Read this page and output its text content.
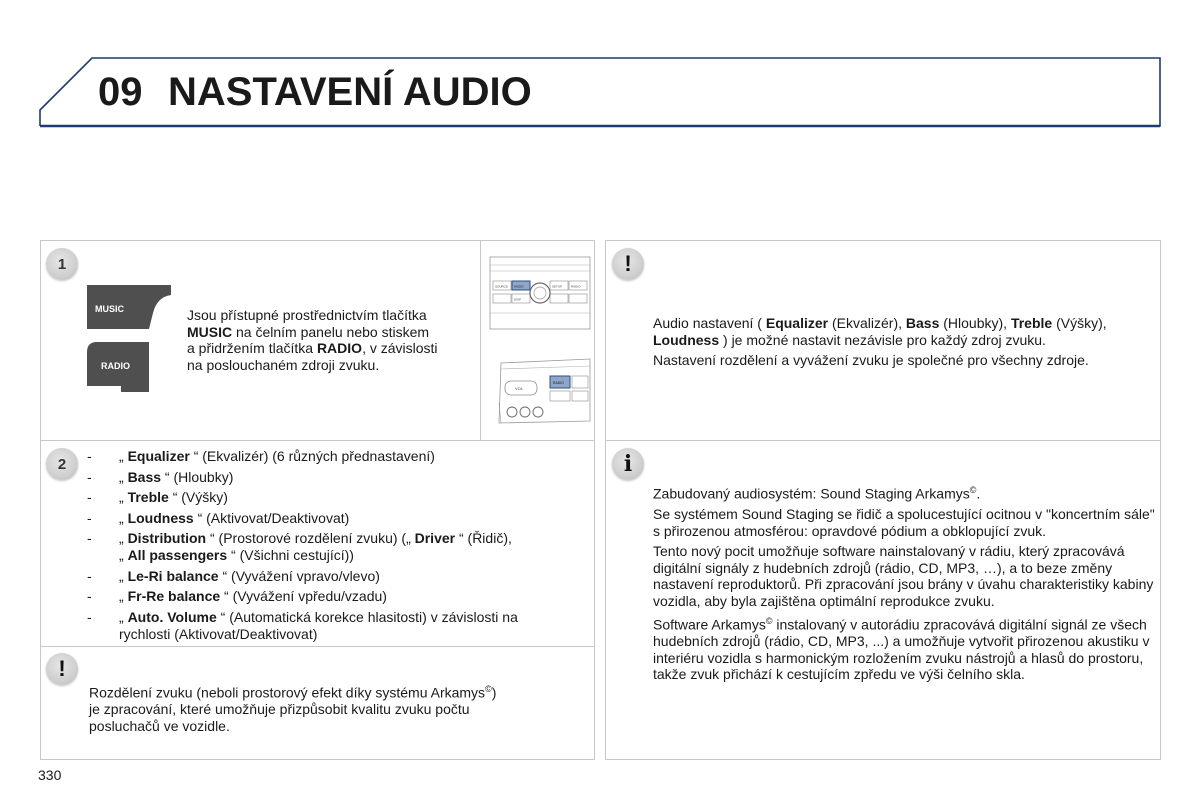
09 NASTAVENÍ AUDIO
1
MUSIC
RADIO
Jsou přístupné prostřednictvím tlačítka
MUSIC na čelním panelu nebo stiskem
a přidržením tlačítka RADIO, v závislosti
na poslouchaném zdroji zvuku.
SOURCE AUDIO	SETUP	RADIO
DISP
VOL
RADIO
2	- „ Equalizer “ (Ekvalizér) (6 různých přednastavení)
- „ Bass “ (Hloubky)
- „ Treble “ (Výšky)
- „ Loudness “ (Aktivovat/Deaktivovat)
- „ Distribution “ (Prostorové rozdělení zvuku) („ Driver “ (Řidič),
„ All passengers “ (Všichni cestující))
- „ Le-Ri balance “ (Vyvážení vpravo/vlevo)
- „ Fr-Re balance “ (Vyvážení vpředu/vzadu)
- „ Auto. Volume “ (Automatická korekce hlasitosti) v závislosti na
rychlosti (Aktivovat/Deaktivovat)
!
Rozdělení zvuku (neboli prostorový efekt díky systému Arkamys©)
je zpracování, které umožňuje přizpůsobit kvalitu zvuku počtu
posluchačů ve vozidle.
!

Audio nastavení ( Equalizer (Ekvalizér), Bass (Hloubky), Treble (Výšky),
Loudness ) je možné nastavit nezávisle pro každý zdroj zvuku.

Nastavení rozdělení a vyvážení zvuku je společné pro všechny zdroje.

i

Zabudovaný audiosystém: Sound Staging Arkamys©.

Se systémem Sound Staging se řidič a spolucestující ocitnou v "koncertním sále" s přirozenou atmosférou: opravdové pódium a obklopující zvuk.

Tento nový pocit umožňuje software nainstalovaný v rádiu, který zpracovává digitální signály z hudebních zdrojů (rádio, CD, MP3, …), a to beze změny nastavení reproduktorů. Při zpracování jsou brány v úvahu charakteristiky kabiny vozidla, aby byla zajištěna optimální reprodukce zvuku.

Software Arkamys© instalovaný v autorádiu zpracovává digitální signál ze všech hudebních zdrojů (rádio, CD, MP3, ...) a umožňuje vytvořit přirozenou akustiku v interiéru vozidla s harmonickým rozložením zvuku nástrojů a hlasů do prostoru, takže zvuk přichází k cestujícím zpředu ve výši čelního skla.

330
